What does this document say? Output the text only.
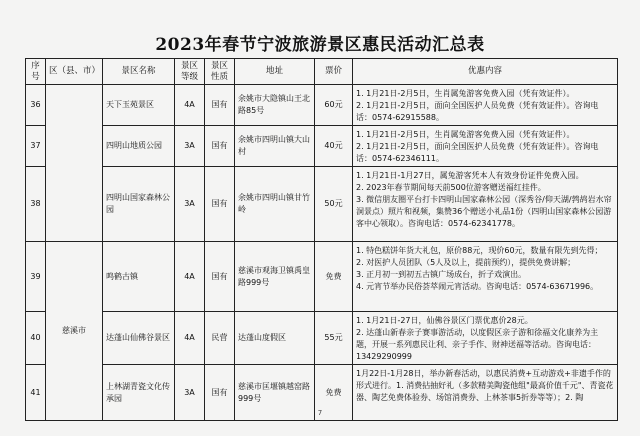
2023年春节宁波旅游景区惠民活动汇总表
序号	区（县、市）	景区名称	景区等级	景区性质	地址	票价	优惠内容
36		天下玉苑景区	4A	国有	余姚市大隐镇山王北路85号	60元	1. 1月21日-2月5日，生肖属兔游客免费入园（凭有效证件）。
2. 1月21日-2月5日，面向全国医护人员免费（凭有效证件）。咨询电话：0574-62915588。

37		四明山地质公园	3A	国有	余姚市四明山镇大山村	40元	1. 1月21日-2月5日，生肖属兔游客免费入园（凭有效证件）。
2. 1月21日-2月5日，面向全国医护人员免费（凭有效证件）。咨询电话：0574-62346111。

38		四明山国家森林公园	3A	国有	余姚市四明山镇甘竹岭	50元	1. 1月21日-1月27日，属兔游客凭本人有效身份证件免费入园。
2. 2023年春节期间每天前500位游客赠送福红挂件。
3. 微信朋友圈平台打卡四明山国家森林公园（深秀谷/仰天湖/鹁鸪岩水帘洞景点）照片和视频，集赞36个赠送小礼品1份（四明山国家森林公园游客中心领取）。咨询电话：0574-62341778。

39	慈溪市	鸣鹤古镇	4A	国有	慈溪市观海卫镇禹皇路999号	免费	1. 特色糕饼年货大礼包，原价88元，现价60元，数量有限先到先得；
2. 对医护人员团队（5人及以上，提前预约），提供免费讲解；
3. 正月初一到初五古镇广场成台，折子戏演出。
4. 元宵节举办民俗荟萃闹元宵活动。咨询电话：0574-63671996。

40		达蓬山仙佛谷景区	4A	民营	达蓬山度假区	55元	1. 1月21日-27日，仙佛谷景区门票优惠价28元。
2. 达蓬山新春亲子赛事游活动，以度假区亲子游和徐福文化康养为主题，开展一系列惠民让利、亲子手作、财神送福等活动。咨询电话：13429290999

41		上林湖青瓷文化传承园	3A	国有	慈溪市匡堰镇越窑路999号	免费	1月22日-1月28日，举办新春活动，以惠民消费+互动游戏+非遗手作的形式进行。1. 消费拈抽好礼（多款精美陶瓷他组"最高价值千元"、青瓷花器、陶艺免费体验券、场馆消费券、上林茶事5折券等等）；2. 陶
7
